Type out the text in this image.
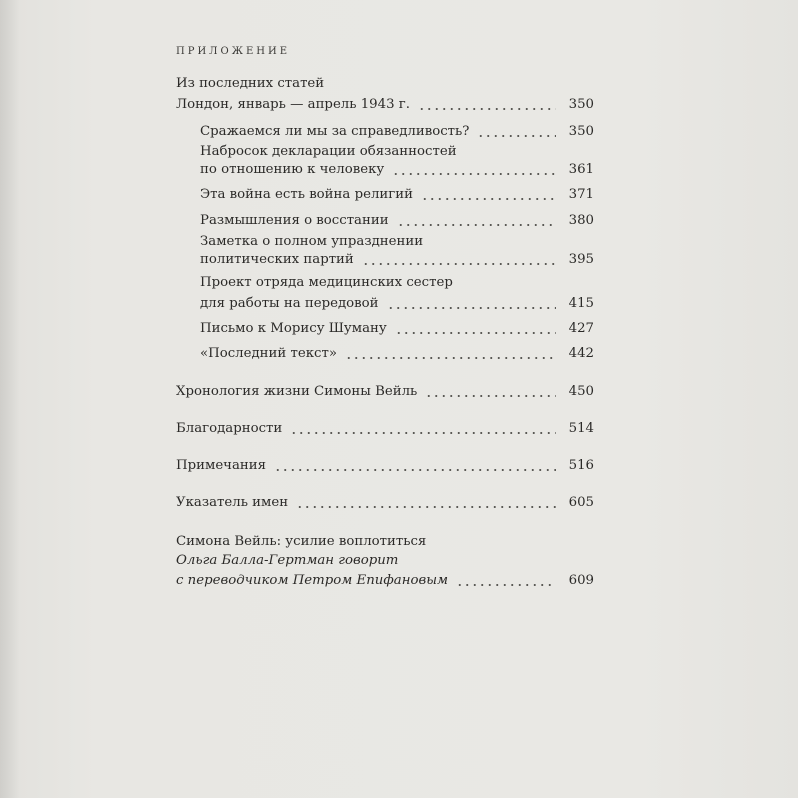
ПРИЛОЖЕНИЕ
Из последних статей
Лондон, январь — апрель 1943 г.	350
Сражаемся ли мы за справедливость?	350
Набросок декларации обязанностей
по отношению к человеку	361
Эта война есть война религий	371
Размышления о восстании	380
Заметка о полном упразднении
политических партий	395
Проект отряда медицинских сестер
для работы на передовой	415
Письмо к Морису Шуману	427
«Последний текст»	442
Хронология жизни Симоны Вейль	450
Благодарности	514
Примечания	516
Указатель имен	605
Симона Вейль: усилие воплотиться
Ольга Балла-Гертман говорит
с переводчиком Петром Епифановым	609
